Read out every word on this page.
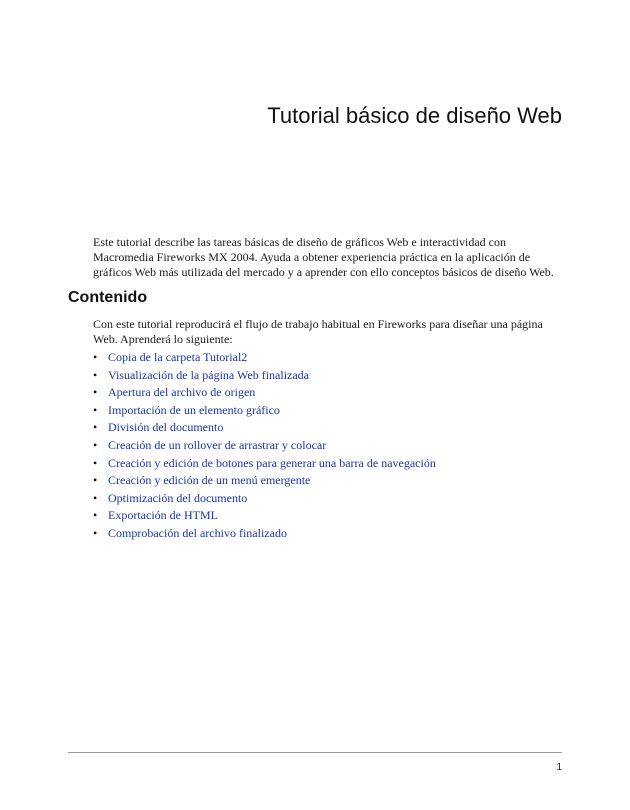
Tutorial básico de diseño Web

Este tutorial describe las tareas básicas de diseño de gráficos Web e interactividad con Macromedia Fireworks MX 2004. Ayuda a obtener experiencia práctica en la aplicación de gráficos Web más utilizada del mercado y a aprender con ello conceptos básicos de diseño Web.

Contenido

Con este tutorial reproducirá el flujo de trabajo habitual en Fireworks para diseñar una página Web. Aprenderá lo siguiente:

• Copia de la carpeta Tutorial2
• Visualización de la página Web finalizada
• Apertura del archivo de origen
• Importación de un elemento gráfico
• División del documento
• Creación de un rollover de arrastrar y colocar
• Creación y edición de botones para generar una barra de navegación
• Creación y edición de un menú emergente
• Optimización del documento
• Exportación de HTML
• Comprobación del archivo finalizado
1
